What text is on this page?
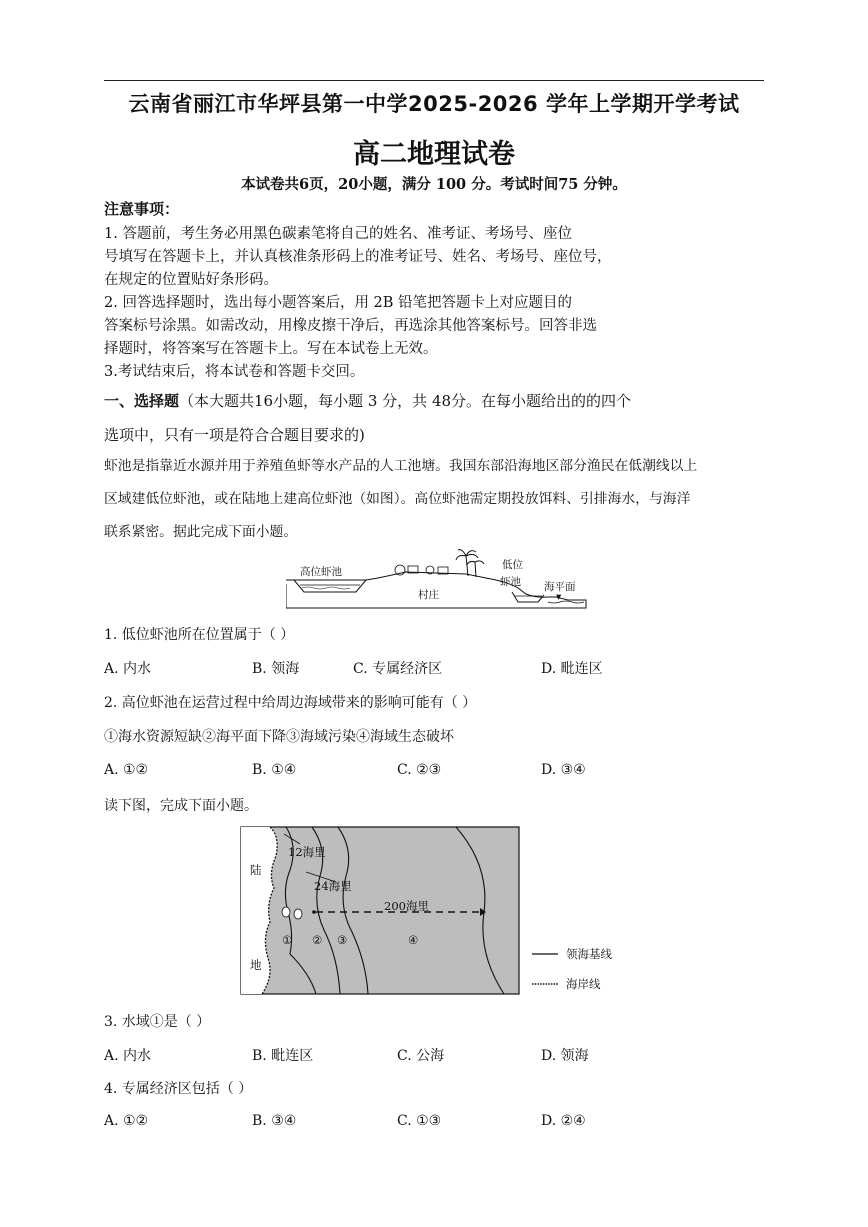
云南省丽江市华坪县第一中学2025-2026 学年上学期开学考试
高二地理试卷
本试卷共6页，20小题，满分 100 分。考试时间75 分钟。
注意事项：
1. 答题前，考生务必用黑色碳素笔将自己的姓名、准考证、考场号、座位
号填写在答题卡上，并认真核准条形码上的准考证号、姓名、考场号、座位号，
在规定的位置贴好条形码。
2. 回答选择题时，选出每小题答案后，用 2B 铅笔把答题卡上对应题目的
答案标号涂黑。如需改动，用橡皮擦干净后，再选涂其他答案标号。回答非选
择题时，将答案写在答题卡上。写在本试卷上无效。
3.考试结束后，将本试卷和答题卡交回。
一、选择题（本大题共16小题，每小题 3 分，共 48分。在每小题给出的的四个
选项中，只有一项是符合合题目要求的)
虾池是指靠近水源并用于养殖鱼虾等水产品的人工池塘。我国东部沿海地区部分渔民在低潮线以上
区域建低位虾池，或在陆地上建高位虾池（如图）。高位虾池需定期投放饵料、引排海水，与海洋
联系紧密。据此完成下面小题。
▾
高位虾池
村庄
低位
虾池 海平面
1. 低位虾池所在位置属于（ ）
A. 内水	B. 领海	C. 专属经济区	D. 毗连区
2. 高位虾池在运营过程中给周边海域带来的影响可能有（ ）
①海水资源短缺②海平面下降③海域污染④海域生态破坏
A. ①②	B. ①④	C. ②③	D. ③④
读下图，完成下面小题。
12海里
24海里
200海里
陆
地
① ② ③	④
领海基线
海岸线
3. 水域①是（ ）
A. 内水	B. 毗连区	C. 公海	D. 领海
4. 专属经济区包括（ ）
A. ①②	B. ③④	C. ①③	D. ②④
